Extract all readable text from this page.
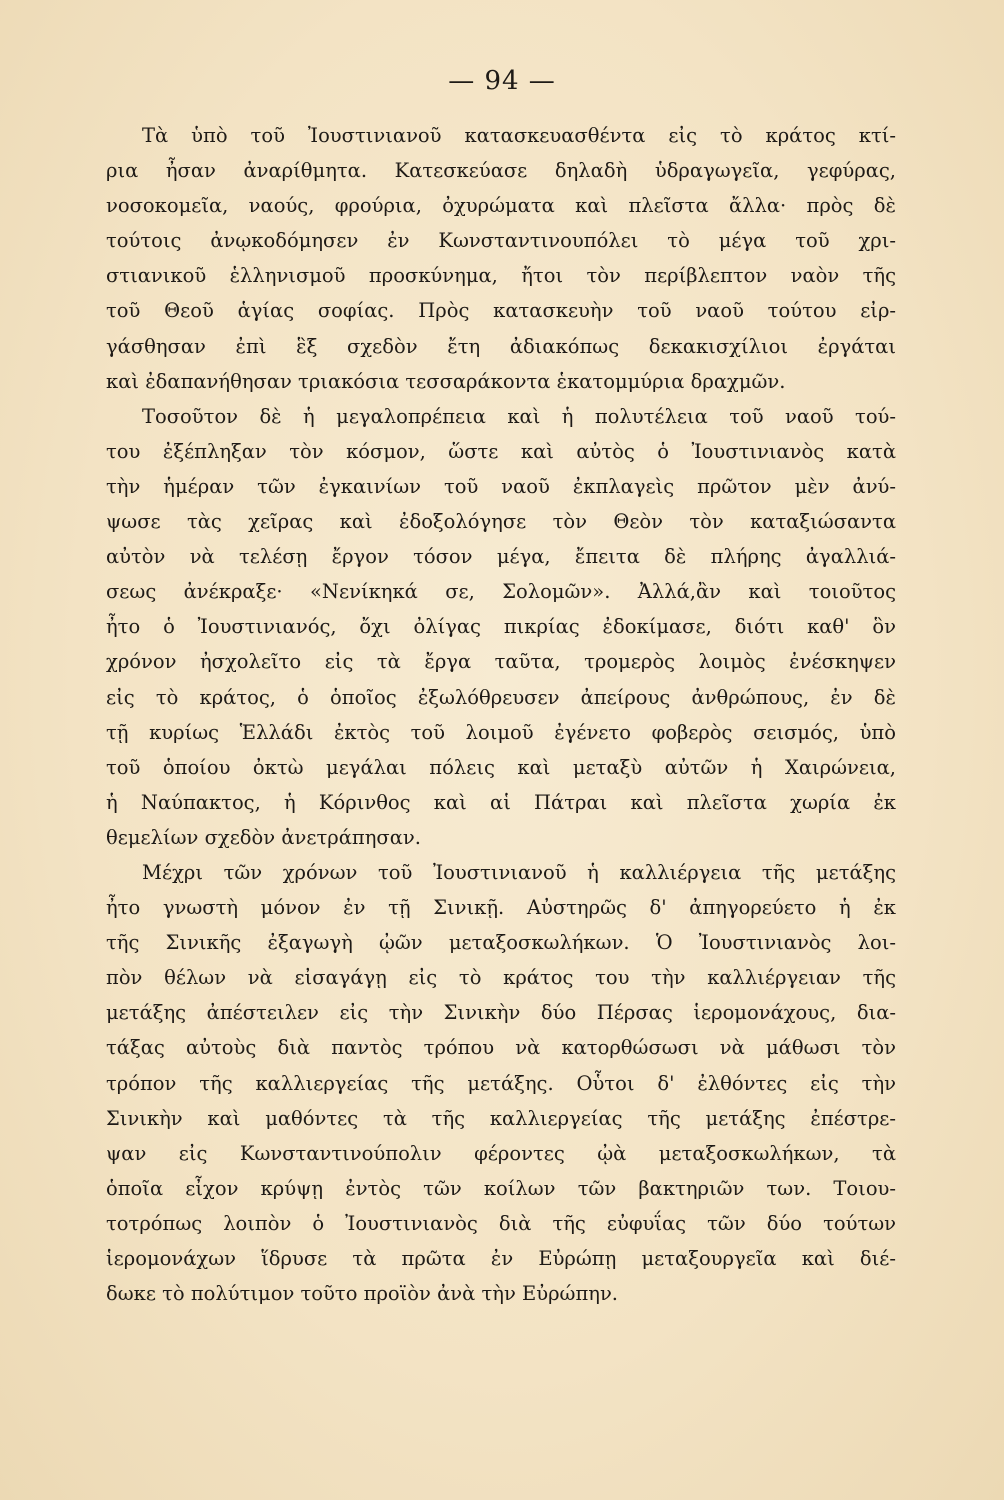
— 94 —
Τὰ ὑπὸ τοῦ Ἰουστινιανοῦ κατασκευασθέντα εἰς τὸ κράτος κτί-
ρια ἦσαν ἀναρίθμητα. Κατεσκεύασε δηλαδὴ ὑδραγωγεῖα, γεφύρας,
νοσοκομεῖα, ναούς, φρούρια, ὀχυρώματα καὶ πλεῖστα ἄλλα· πρὸς δὲ
τούτοις ἀνῳκοδόμησεν ἐν Κωνσταντινουπόλει τὸ μέγα τοῦ χρι-
στιανικοῦ ἑλληνισμοῦ προσκύνημα, ἤτοι τὸν περίβλεπτον ναὸν τῆς
τοῦ Θεοῦ ἁγίας σοφίας. Πρὸς κατασκευὴν τοῦ ναοῦ τούτου εἰρ-
γάσθησαν ἐπὶ ἓξ σχεδὸν ἔτη ἀδιακόπως δεκακισχίλιοι ἐργάται
καὶ ἐδαπανήθησαν τριακόσια τεσσαράκοντα ἑκατομμύρια δραχμῶν.
Τοσοῦτον δὲ ἡ μεγαλοπρέπεια καὶ ἡ πολυτέλεια τοῦ ναοῦ τού-
του ἐξέπληξαν τὸν κόσμον, ὥστε καὶ αὐτὸς ὁ Ἰουστινιανὸς κατὰ
τὴν ἡμέραν τῶν ἐγκαινίων τοῦ ναοῦ ἐκπλαγεὶς πρῶτον μὲν ἀνύ-
ψωσε τὰς χεῖρας καὶ ἐδοξολόγησε τὸν Θεὸν τὸν καταξιώσαντα
αὐτὸν νὰ τελέσῃ ἔργον τόσον μέγα, ἔπειτα δὲ πλήρης ἀγαλλιά-
σεως ἀνέκραξε· «Νενίκηκά σε, Σολομῶν». Ἀλλά,ἂν καὶ τοιοῦτος
ἦτο ὁ Ἰουστινιανός, ὄχι ὀλίγας πικρίας ἐδοκίμασε, διότι καθ' ὃν
χρόνον ἠσχολεῖτο εἰς τὰ ἔργα ταῦτα, τρομερὸς λοιμὸς ἐνέσκηψεν
εἰς τὸ κράτος, ὁ ὁποῖος ἐξωλόθρευσεν ἀπείρους ἀνθρώπους, ἐν δὲ
τῇ κυρίως Ἑλλάδι ἐκτὸς τοῦ λοιμοῦ ἐγένετο φοβερὸς σεισμός, ὑπὸ
τοῦ ὁποίου ὀκτὼ μεγάλαι πόλεις καὶ μεταξὺ αὐτῶν ἡ Χαιρώνεια,
ἡ Ναύπακτος, ἡ Κόρινθος καὶ αἱ Πάτραι καὶ πλεῖστα χωρία ἐκ
θεμελίων σχεδὸν ἀνετράπησαν.
Μέχρι τῶν χρόνων τοῦ Ἰουστινιανοῦ ἡ καλλιέργεια τῆς μετάξης
ἦτο γνωστὴ μόνον ἐν τῇ Σινικῇ. Αὐστηρῶς δ' ἀπηγορεύετο ἡ ἐκ
τῆς Σινικῆς ἐξαγωγὴ ᾠῶν μεταξοσκωλήκων. Ὁ Ἰουστινιανὸς λοι-
πὸν θέλων νὰ εἰσαγάγῃ εἰς τὸ κράτος του τὴν καλλιέργειαν τῆς
μετάξης ἀπέστειλεν εἰς τὴν Σινικὴν δύο Πέρσας ἱερομονάχους, δια-
τάξας αὐτοὺς διὰ παντὸς τρόπου νὰ κατορθώσωσι νὰ μάθωσι τὸν
τρόπον τῆς καλλιεργείας τῆς μετάξης. Οὗτοι δ' ἐλθόντες εἰς τὴν
Σινικὴν καὶ μαθόντες τὰ τῆς καλλιεργείας τῆς μετάξης ἐπέστρε-
ψαν εἰς Κωνσταντινούπολιν φέροντες ᾠὰ μεταξοσκωλήκων, τὰ
ὁποῖα εἶχον κρύψῃ ἐντὸς τῶν κοίλων τῶν βακτηριῶν των. Τοιου-
τοτρόπως λοιπὸν ὁ Ἰουστινιανὸς διὰ τῆς εὐφυΐας τῶν δύο τούτων
ἱερομονάχων ἵδρυσε τὰ πρῶτα ἐν Εὐρώπῃ μεταξουργεῖα καὶ διέ-
δωκε τὸ πολύτιμον τοῦτο προϊὸν ἀνὰ τὴν Εὐρώπην.
